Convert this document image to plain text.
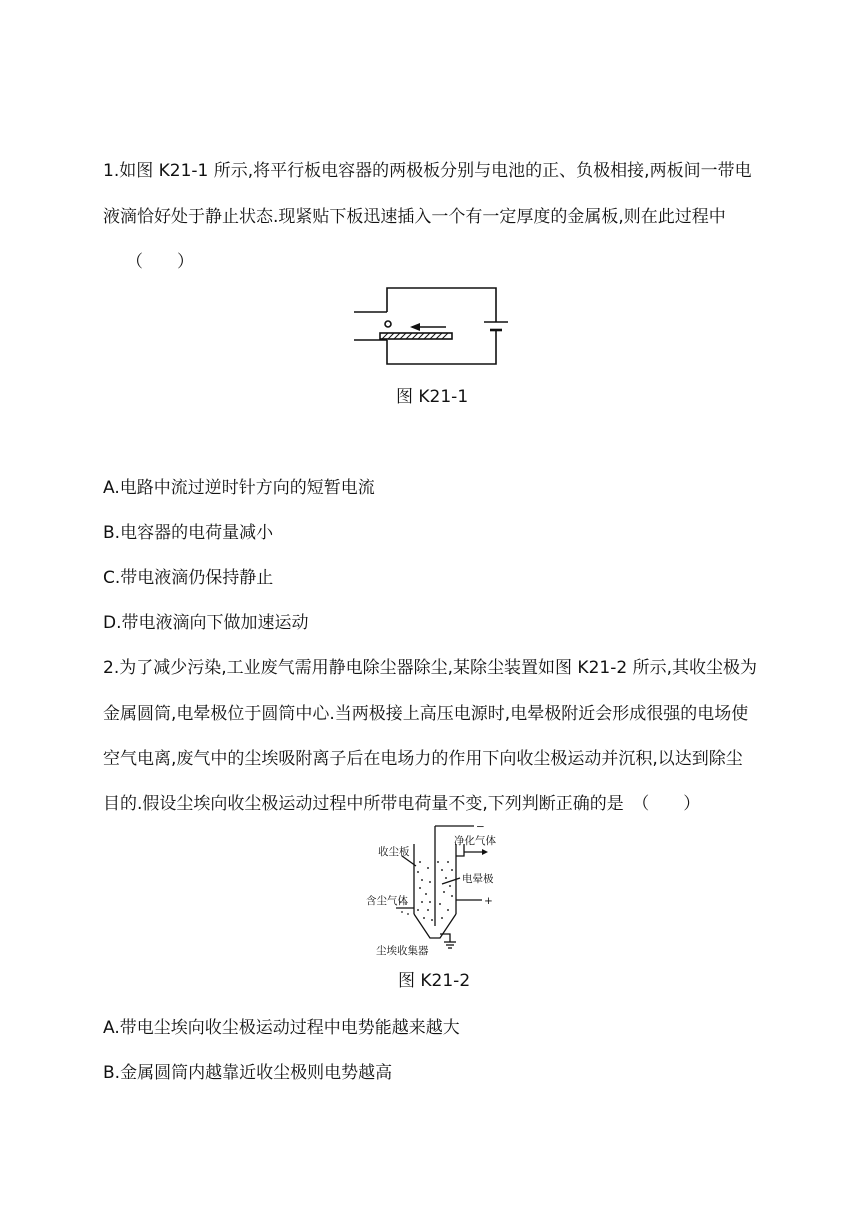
1.如图 K21-1 所示,将平行板电容器的两极板分别与电池的正、负极相接,两板间一带电
液滴恰好处于静止状态.现紧贴下板迅速插入一个有一定厚度的金属板,则在此过程中
（　　）
图 K21-1
A.电路中流过逆时针方向的短暂电流
B.电容器的电荷量减小
C.带电液滴仍保持静止
D.带电液滴向下做加速运动
2.为了减少污染,工业废气需用静电除尘器除尘,某除尘装置如图 K21-2 所示,其收尘极为
金属圆筒,电晕极位于圆筒中心.当两极接上高压电源时,电晕极附近会形成很强的电场使
空气电离,废气中的尘埃吸附离子后在电场力的作用下向收尘极运动并沉积,以达到除尘
目的.假设尘埃向收尘极运动过程中所带电荷量不变,下列判断正确的是　（　　）
收尘板
净化气体
电晕极
含尘气体
尘埃收集器
−
+
图 K21-2
A.带电尘埃向收尘极运动过程中电势能越来越大
B.金属圆筒内越靠近收尘极则电势越高
